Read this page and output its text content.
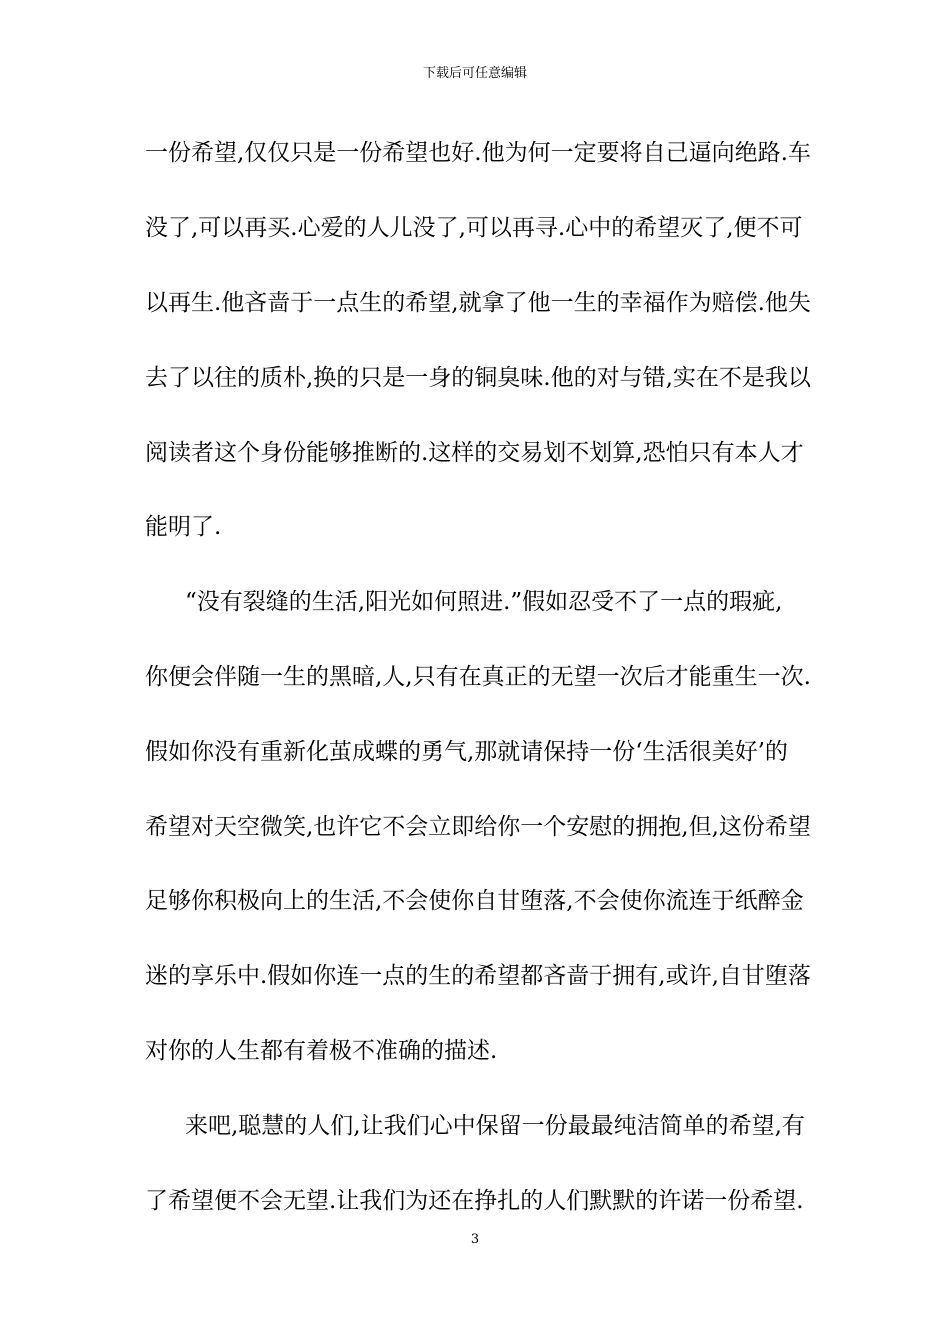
下载后可任意编辑
一份希望,仅仅只是一份希望也好.他为何一定要将自己逼向绝路.车
没了,可以再买.心爱的人儿没了,可以再寻.心中的希望灭了,便不可
以再生.他吝啬于一点生的希望,就拿了他一生的幸福作为赔偿.他失
去了以往的质朴,换的只是一身的铜臭味.他的对与错,实在不是我以
阅读者这个身份能够推断的.这样的交易划不划算,恐怕只有本人才
能明了.
“没有裂缝的生活,阳光如何照进.”假如忍受不了一点的瑕疵,
你便会伴随一生的黑暗,人,只有在真正的无望一次后才能重生一次.
假如你没有重新化茧成蝶的勇气,那就请保持一份‘生活很美好’的
希望对天空微笑,也许它不会立即给你一个安慰的拥抱,但,这份希望
足够你积极向上的生活,不会使你自甘堕落,不会使你流连于纸醉金
迷的享乐中.假如你连一点的生的希望都吝啬于拥有,或许,自甘堕落
对你的人生都有着极不准确的描述.
来吧,聪慧的人们,让我们心中保留一份最最纯洁简单的希望,有
了希望便不会无望.让我们为还在挣扎的人们默默的许诺一份希望.
3
